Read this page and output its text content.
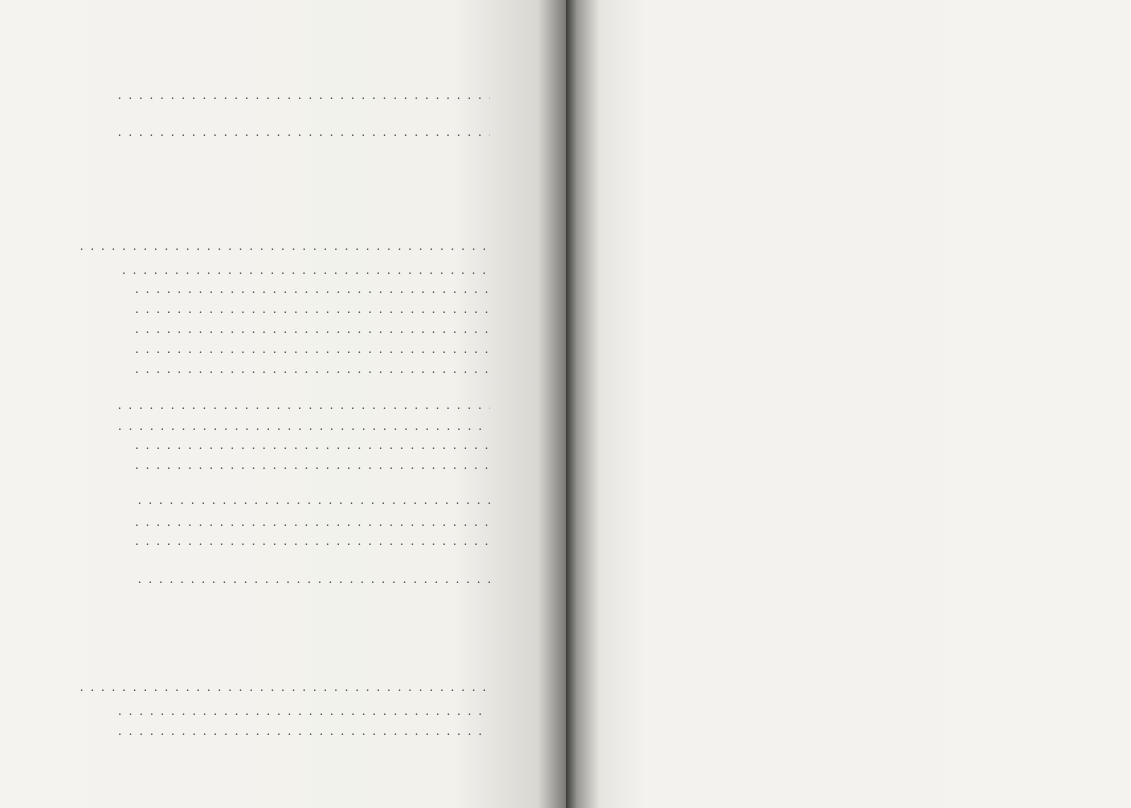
. . .
. . .
. . .

. . .

. . .

. . .

. . .

. . .

. . .
. . .

. . .

. . .

. . .
. . .

. . .

. . .
. . .
. . .

. . .

. . .
